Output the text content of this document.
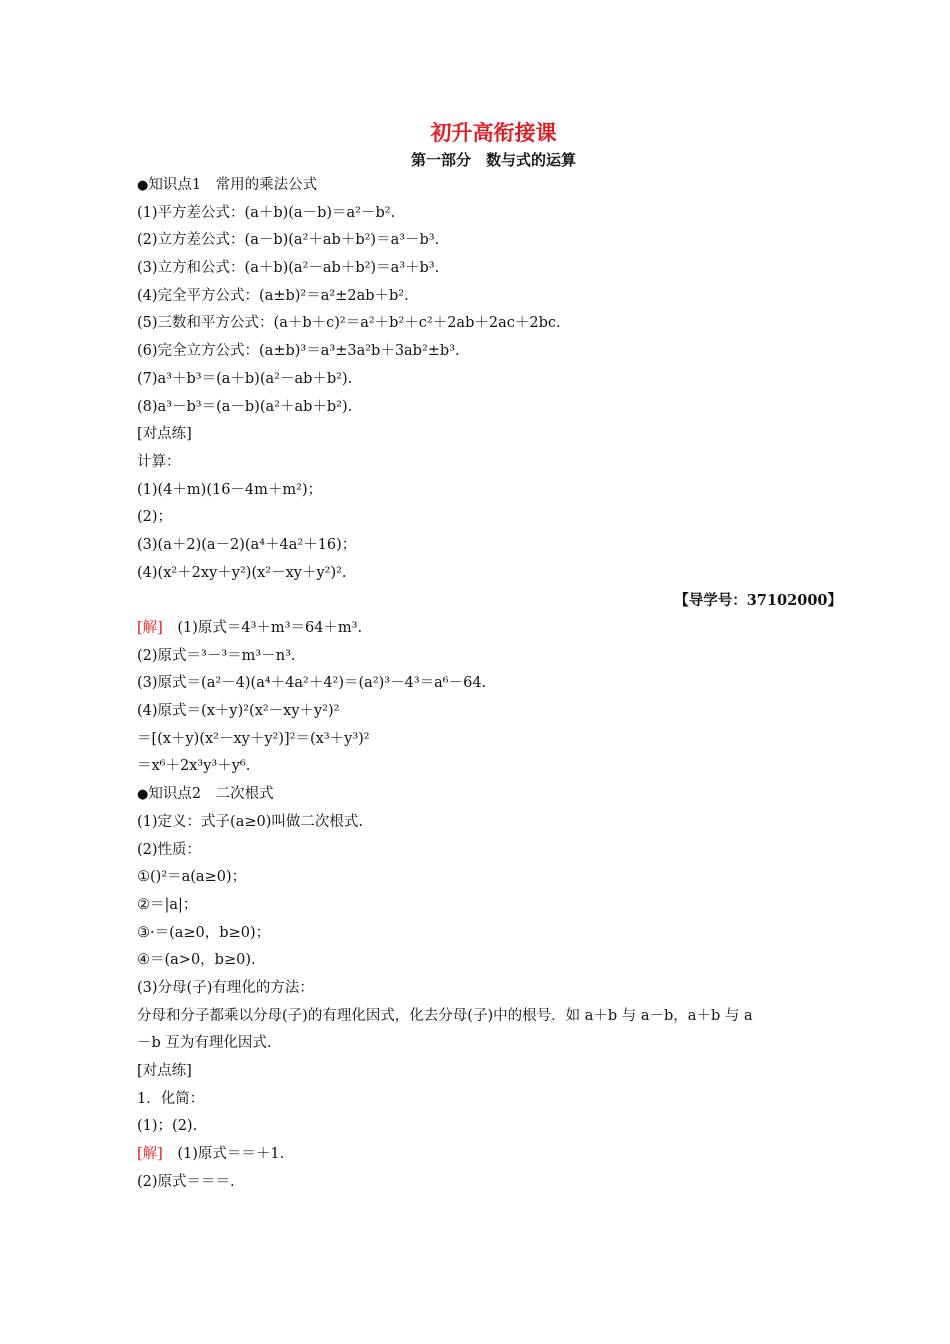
初升高衔接课
第一部分　数与式的运算
●知识点1　常用的乘法公式
(1)平方差公式：(a＋b)(a－b)＝a²－b².
(2)立方差公式：(a－b)(a²＋ab＋b²)＝a³－b³.
(3)立方和公式：(a＋b)(a²－ab＋b²)＝a³＋b³.
(4)完全平方公式：(a±b)²＝a²±2ab＋b².
(5)三数和平方公式：(a＋b＋c)²＝a²＋b²＋c²＋2ab＋2ac＋2bc.
(6)完全立方公式：(a±b)³＝a³±3a²b＋3ab²±b³.
(7)a³＋b³＝(a＋b)(a²－ab＋b²).
(8)a³－b³＝(a－b)(a²＋ab＋b²).
[对点练]
计算：
(1)(4＋m)(16－4m＋m²)；
(2)；
(3)(a＋2)(a－2)(a⁴＋4a²＋16)；
(4)(x²＋2xy＋y²)(x²－xy＋y²)².
【导学号：37102000】
[解]　 (1)原式＝4³＋m³＝64＋m³.
(2)原式＝³－³＝m³－n³.
(3)原式＝(a²－4)(a⁴＋4a²＋4²)＝(a²)³－4³＝a⁶－64.
(4)原式＝(x＋y)²(x²－xy＋y²)²
＝[(x＋y)(x²－xy＋y²)]²＝(x³＋y³)²
＝x⁶＋2x³y³＋y⁶.
●知识点2　二次根式
(1)定义：式子(a≥0)叫做二次根式.
(2)性质：
①()²＝a(a≥0)；
②＝|a|；
③·＝(a≥0，b≥0)；
④＝(a>0，b≥0).
(3)分母(子)有理化的方法：
分母和分子都乘以分母(子)的有理化因式，化去分母(子)中的根号．如 a＋b 与 a－b，a＋b 与 a
－b 互为有理化因式.
[对点练]
1．化简：
(1)；(2).
[解]　 (1)原式＝＝＋1.
(2)原式＝＝＝.
